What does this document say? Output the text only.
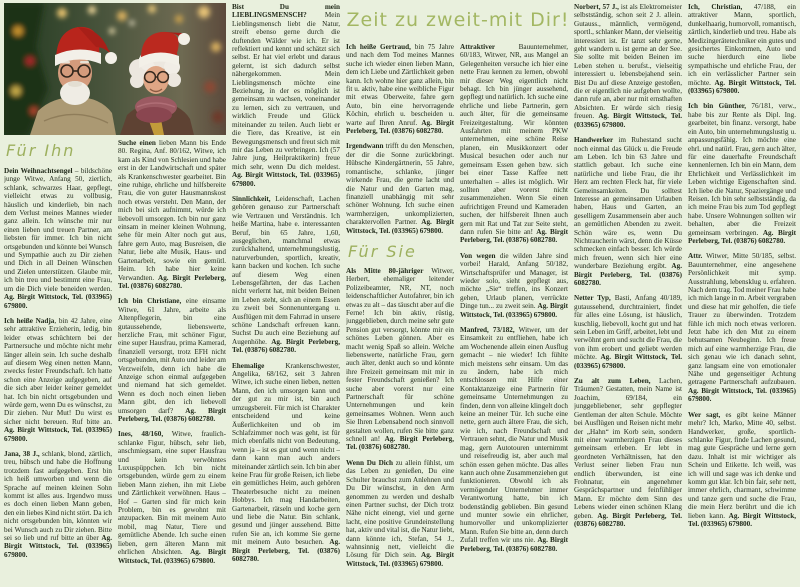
Zeit zu zweit-mit Dir!
Für Ihn

Dein Weihnachtsengel – bildschöne junge Witwe, Anfang 50, zierlich, schlank, schwarzes Haar, gepflegt, vielleicht etwas zu vollbusig, häuslich und kinderlieb, bin nach dem Verlust meines Mannes wieder ganz allein. Ich wünsche mir nur einen lieben und treuen Partner, am liebsten für immer. Ich bin nicht ortsgebunden und könnte bei Wunsch und Sympathie auch zu Dir ziehen und Dich in all Deinen Wünschen und Zielen unterstützen. Glaube mir, ich bin treu und bestimmt eine Frau, um die Dich viele beneiden werden. Ag. Birgit Wittstock, Tel. (033965) 679800.

Ich heiße Nadja, bin 42 Jahre, eine sehr attraktive Erzieherin, ledig, bin leider etwas schüchtern bei der Partnersuche und möchte nicht mehr länger allein sein. Ich suche deshalb auf diesem Weg einen netten Mann, zwecks fester Freundschaft. Ich hatte schon eine Anzeige aufgegeben, auf die sich aber leider keiner gemeldet hat. Ich bin nicht ortsgebunden und würde gern, wenn Du es wünschst, zu Dir ziehen. Nur Mut! Du wirst es sicher nicht bereuen. Ruf bitte an. Ag. Birgit Wittstock, Tel. (033965) 679800.

Jana, 38 J., schlank, blond, zärtlich, treu, hübsch und habe die Hoffnung trotzdem fast aufgegeben. Erst bin ich heiß umworben und wenn die Sprache auf meinen kleinen Sohn kommt ist alles aus. Irgendwo muss es doch einen lieben Mann geben, den ein liebes Kind nicht stört. Da ich nicht ortsgebunden bin, könnten wir bei Wunsch auch zu Dir ziehen. Bitte sei so lieb und ruf bitte an über Ag. Birgit Wittstock, Tel. (033965) 679800.

Suche einen lieben Mann bis Ende 80. Regina, Anf. 80/162, Witwe, ich kam als Kind von Schlesien und habe erst in der Landwirtschaft und später als Krankenschwester gearbeitet. Bin eine ruhige, ehrliche und hilfsbereite Frau, die von guter Hausmannskost noch etwas versteht. Den Mann, der mich bei sich aufnimmt, würde ich liebevoll umsorgen. Ich bin nur ganz einsam in meiner kleinen Wohnung, sehe für mein Alter noch gut aus, fahre gern Auto, mag Busreisen, die Natur, liebe alte Musik, Haus- und Gartenarbeit, sowie ein gemütl. Heim. Ich habe hier keine Verwandten. Ag. Birgit Perleberg, Tel. (03876) 6082780.

Ich bin Christiane, eine einsame Witwe, 61 Jahre, arbeite als Altenpflegerin, bin eine gutaussehende, liebenswerte, herzliche Frau, mit schöner Figur, eine super Hausfrau, prima Kamerad, finanziell versorgt, trotz EFH nicht ortsgebunden, mit Auto und leider am Verzweifeln, denn ich habe die Anzeige schon einmal aufgegeben und niemand hat sich gemeldet. Wenn es doch noch einen lieben Mann gibt, den ich liebevoll umsorgen darf? Ag. Birgit Perleberg, Tel. (03876) 6082780.

Ines, 48/160, Witwe, fraulich-schlanke Figur, hübsch, sehr lieb, anschmiegsam, eine super Hausfrau und kein verwöhntes Luxuspüppchen. Ich bin nicht ortsgebunden, würde gern zu einem lieben Mann ziehen, ihn mit Liebe und Zärtlichkeit verwöhnen. Haus – Hof – Garten sind für mich kein Problem, bin es gewohnt mit anzupacken. Bin mit meinem Auto mobil, mag Natur, Tiere und gemütliche Abende. Ich suche einen lieben, gern älteren Mann mit ehrlichen Absichten. Ag. Birgit Wittstock, Tel. (033965) 679800.

Bist Du mein LIEBLINGSMENSCH? Mein Lieblingsmensch liebt die Natur, streift ebenso gerne durch die duftenden Wälder wie ich. Er ist reflektiert und kennt und schätzt sich selbst. Er hat viel erlebt und daraus gelernt, ist sich dadurch selbst nähergekommen. Mein Lieblingsmensch möchte eine Beziehung, in der es möglich ist gemeinsam zu wachsen, voneinander zu lernen, sich zu vertrauen, und wirklich Freude und Glück miteinander zu teilen. Auch liebt er die Tiere, das Kreative, ist ein Bewegungsmensch und freut sich mit mir das Leben zu verbringen. Ich (57 Jahre jung, Heilpraktikerin) freue mich sehr, wenn Du dich meldest. Ag. Birgit Wittstock, Tel. (033965) 679800.

Sinnlichkeit, Leidenschaft, Lachen gehören genauso zur Partnerschaft wie Vertrauen und Verständnis. Ich heiße Martina, habe e. interessanten Beruf, bin 65 Jahre, 1,60, ausgeglichen, manchmal etwas zurückhaltend, unternehmungslustig, naturverbunden, sportlich, kreativ, kann backen und kochen. Ich suche auf diesem Weg einen Lebensgefährten, der das Lachen nicht verlernt hat, mit beiden Beinen im Leben steht, sich an einem Essen zu zweit bei Sonnenuntergang u. Ausflügen mit dem Fahrrad in unsere schöne Landschaft erfreuen kann. Suchst Du auch eine Beziehung auf Augenhöhe. Ag. Birgit Perleberg, Tel. (03876) 6082780.

Ehemalige Krankenschwester, Angelika, 68/162, seit 3 Jahren Witwe, ich suche einen lieben, netten Mann, den ich umsorgen kann und der gut zu mir ist, bin auch umzugsbereit. Für mich ist Charakter entscheidend und keine Äußerlichkeiten und ob im Schlafzimmer noch was geht, ist für mich ebenfalls nicht von Bedeutung, wenn ja – ist es gut und wenn nicht – dann kann man auch anders miteinander zärtlich sein. Ich bin aber keine Frau für große Reisen, ich liebe ein gemütliches Heim, auch gehören Theaterbesuche nicht zu meinen Hobbys. Ich mag Handarbeiten, Gartenarbeit, rätseln und koche gern und liebe die Natur. Bin schlank, gesund und jünger aussehend. Bitte rufen Sie an, ich komme Sie gerne mit meinem Auto besuchen. Ag. Birgit Perleberg, Tel. (03876) 6082780.

Ich heiße Gertraud, bin 75 Jahre und nach dem Tod meines Mannes suche ich wieder einen lieben Mann, dem ich Liebe und Zärtlichkeit geben kann. Ich wohne hier ganz allein, bin fit u. aktiv, habe eine weibliche Figur mit etwas Oberweite, fahre gern Auto, bin eine hervorragende Köchin, ehrlich u. bescheiden u. warte auf Ihren Anruf. Ag. Birgit Perleberg, Tel. (03876) 6082780.

Irgendwann trifft du den Menschen, der dir die Sonne zurückbringt. Hübsche Kindergärtnerin, 55 Jahre, romantische, schlanke, jünger wirkende Frau, die gerne lacht und die Natur und den Garten mag, finanziell unabhängig mit sehr schöner Wohnung. Ich suche einen warmherzigen, unkomplizierten, charaktervollen Partner. Ag. Birgit Wittstock, Tel. (033965) 679800.

Für Sie

Als Mitte 80-jähriger Witwer, Herbert, ehemaliger leitender Polizeibeamter, NR, NT, noch leidenschaftlicher Autofahrer, bin ich etwas zu alt – das täuscht aber auf die Ferne! Ich bin aktiv, rüstig, junggeblieben, durch meine sehr gute Pension gut versorgt, könnte mir ein schönes Leben gönnen. Aber es macht wenig Spaß so allein. Welche liebenswerte, natürliche Frau, gern auch älter, denkt auch so und könnte ihre Freizeit gemeinsam mit mir in fester Freundschaft genießen? Ich suche aber vorerst nur eine Partnerschaft für schöne Unternehmungen und kein gemeinsames Wohnen. Wenn auch Sie Ihren Lebensabend noch sinnvoll gestalten wollen, rufen Sie bitte ganz schnell an! Ag. Birgit Perleberg, Tel. (03876) 6082780.

Wenn Du Dich zu allein fühlst, um das Leben zu genießen, Du eine Schulter brauchst zum Anlehnen und Du Dir wünschst, in den Arm genommen zu werden und deshalb einen Partner suchst, der Dich trotz Nähe nicht einengt, viel und gerne lacht, eine positive Grundeinstellung hat, aktiv und vital ist, die Natur liebt, dann könnte ich, Stefan, 54 J., wahnsinnig nett, vielleicht die Lösung für Dich sein. Ag. Birgit Wittstock, Tel. (033965) 679800.

Attraktiver Bauunternehmer, 60/183, Witwer, NR, aus Mangel an Gelegenheiten versuche ich hier eine nette Frau kennen zu lernen, obwohl mir dieser Weg eigentlich nicht behagt. Ich bin jünger aussehend, gepflegt und natürlich. Ich suche eine ehrliche und liebe Partnerin, gern auch älter, für die gemeinsame Freizeitgestaltung. Wir könnten Ausfahrten mit meinem PKW unternehmen, eine schöne Reise planen, ein Musikkonzert oder Musical besuchen oder auch nur gemeinsam Essen gehen bzw. sich bei einer Tasse Kaffee nett unterhalten – alles ist möglich. Wir sollten aber vorerst nicht zusammenziehen. Wenn Sie einen aufrichtigen Freund und Kameraden suchen, der hilfsbereit Ihnen auch gern mit Rat und Tat zur Seite steht, dann rufen Sie bitte an! Ag. Birgit Perleberg, Tel. (03876) 6082780.

Von wegen die wilden Jahre sind vorbei! Harald, Anfang 50/182, Wirtschaftsprüfer und Manager, ist wieder solo, sieht gepflegt aus, möchte „Sie“ treffen, ins Konzert gehen, Urlaub planen, verrückte Dinge tun... zu zweit sein. Ag. Birgit Wittstock, Tel. (033965) 679800.

Manfred, 73/182, Witwer, um der Einsamkeit zu entfliehen, habe ich am Wochenende allein einen Ausflug gemacht – nie wieder! Ich fühlte mich meistens sehr einsam. Um das zu ändern, habe ich mich entschlossen mit Hilfe einer Kontaktanzeige eine Partnerin für gemeinsame Unternehmungen zu finden, denn von alleine klingelt doch keine an meiner Tür. Ich suche eine nette, gern auch ältere Frau, die sich, wie ich, nach Freundschaft und Vertrauen sehnt, die Natur und Musik mag, gern Autotouren unternimmt und reisefreudig ist, aber auch mal schön essen gehen möchte. Das alles kann auch ohne Zusammenziehen gut funktionieren. Obwohl ich als vermögender Unternehmer immer Verantwortung hatte, bin ich bodenständig geblieben. Bin gesund und munter sowie ein ehrlicher, humorvoller und unkomplizierter Mann. Rufen Sie bitte an, denn durch Zufall treffen wir uns nie. Ag. Birgit Perleberg, Tel. (03876) 6082780.

Norbert, 57 J., ist als Elektromeister selbstständig, schon seit 2 J. allein. Gutauss., männlich, vermögend, sportl., schlanker Mann, der vielseitig interessiert ist. Er tanzt sehr gerne, geht wandern u. ist gerne an der See. Sie sollte mit beiden Beinen im Leben stehen u. berufst., vielseitig interessiert u. lebensbejahend sein. Bist Du auf diese Anzeige gestoßen, die er eigentlich nie aufgeben wollte, dann rufe an, aber nur mit ernsthaften Absichten. Er würde sich riesig freuen. Ag. Birgit Wittstock, Tel. (033965) 679800.

Handwerker im Ruhestand sucht noch einmal das Glück u. die Freude am Leben. Ich bin 63 Jahre und stattlich gebaut. Ich suche eine natürliche und liebe Frau, die ihr Herz am rechten Fleck hat, für viele Gemeinsamkeiten. Du solltest Interesse an gemeinsamen Urlauben haben, Haus und Garten, an geselligem Zusammensein aber auch an gemütlichen Abenden zu zweit. Schön wäre es, wenn Du Nichtraucherin wärst, denn die Küsse schmecken einfach besser. Ich würde mich freuen, wenn sich hier eine wunderbare Beziehung ergibt. Ag. Birgit Perleberg, Tel. (03876) 6082780.

Netter Typ, Basti, Anfang 40/189, gutaussehend, durchtrainiert, findet für alles eine Lösung, ist häuslich, kuschlig, liebevoll, kocht gut und hat sein Leben im Griff, arbeitet, lebt und verwöhnt gern und sucht die Frau, die von ihm erobert und geliebt werden möchte. Ag. Birgit Wittstock, Tel. (033965) 679800.

Zu alt zum Leben, Lachen, Träumen? Gestatten, mein Name ist Joachim, 69/184, ein junggebliebener, sehr gepflegter Gentleman der alten Schule. Möchte bei Ausflügen und Reisen nicht mehr der „Hahn“ im Korb sein, sondern mit einer warmherzigen Frau dieses gemeinsam erleben. Er lebt in geordneten Verhältnissen, hat den Verlust seiner lieben Frau nun endlich überwunden, ist eine Frohnatur, ein angenehmer Gesprächspartner und feinfühliger Mann. Er möchte dem Sinn des Lebens wieder einen schönen Klang geben. Ag. Birgit Perleberg, Tel. (03876) 6082780.

Ich, Christian, 47/188, ein attraktiver Mann, sportlich, dunkelhaarig, humorvoll, romantisch, zärtlich, kinderlieb und treu. Habe als Medizingerätetechniker ein gutes und gesichertes Einkommen, Auto und suche hierdurch eine liebe sympathische und ehrliche Frau, der ich ein verlässlicher Partner sein möchte. Ag. Birgit Wittstock, Tel. (033965) 679800.

Ich bin Günther, 76/181, verw., habe bis zur Rente als Dipl. Ing. gearbeitet, bin finanz. versorgt, habe ein Auto, bin unternehmungslustig u. anpassungsfähig. Ich möchte eine ehrl. und natürl. Frau, gern auch älter, für eine dauerhafte Freundschaft kennenlernen. Ich bin ein Mann, dem Ehrlichkeit und Verlässlichkeit im Leben wichtige Eigenschaften sind. Ich liebe die Natur, Spaziergänge und Reisen. Ich bin sehr selbstständig, da ich meine Frau bis zum Tod gepflegt habe. Unsere Wohnungen sollten wir behalten, aber die Freizeit gemeinsam verbringen. Ag. Birgit Perleberg, Tel. (03876) 6082780.

Attr. Witwer, Mitte 50/185, selbst. Bauunternehmer, eine angesehene Persönlichkeit mit symp. Ausstrahlung, lebensklug u. erfahren. Nach dem trag. Tod meiner Frau habe ich mich lange in m. Arbeit vergraben und diese hat mir geholfen, die tiefe Trauer zu überwinden. Trotzdem fühle ich mich noch etwas verloren. Jetzt habe ich den Mut zu einem behutsamen Neubeginn. Ich freue mich auf eine warmherzige Frau, die sich genau wie ich danach sehnt, ganz langsam eine von emotionaler Nähe und gegenseitiger Achtung getragene Partnerschaft aufzubauen. Ag. Birgit Wittstock, Tel. (033965) 679800.

Wer sagt, es gibt keine Männer mehr? Ich, Marko, Mitte 40, selbst. Handwerker, große, sportlich-schlanke Figur, finde Lachen gesund, mag gute Gespräche und lerne gern dazu. Inhalt ist mir wichtiger als Schein und Etikette. Ich weiß, was ich will und sage was ich denke und komm gut klar. Ich bin fair, sehr nett, immer ehrlich, charmant, schwimme und tanze gern und suche die Frau, die mein Herz berührt und die ich lieben kann. Ag. Birgit Wittstock, Tel. (033965) 679800.
